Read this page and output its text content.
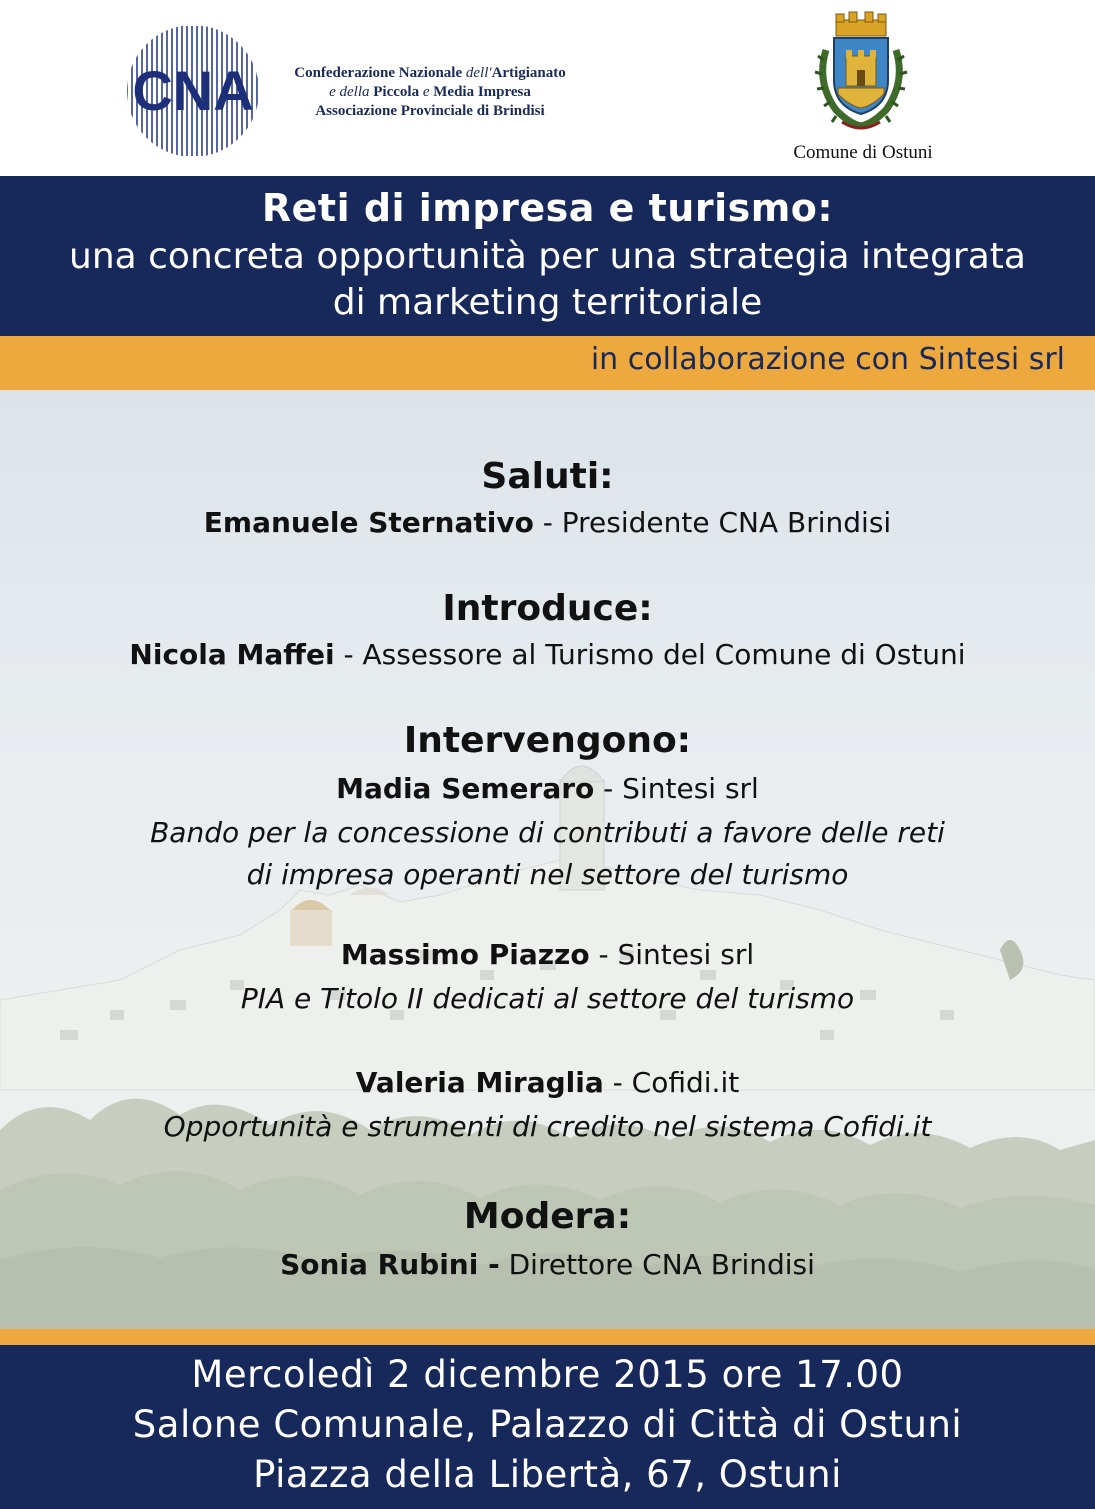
CNA	Confederazione Nazionale dell'Artigianato
e della Piccola e Media Impresa
Associazione Provinciale di Brindisi
Comune di Ostuni
Reti di impresa e turismo:
una concreta opportunità per una strategia integrata
di marketing territoriale
in collaborazione con Sintesi srl
Saluti:
Emanuele Sternativo - Presidente CNA Brindisi
Introduce:
Nicola Maffei - Assessore al Turismo del Comune di Ostuni
Intervengono:
Madia Semeraro - Sintesi srl
Bando per la concessione di contributi a favore delle reti
di impresa operanti nel settore del turismo
Massimo Piazzo - Sintesi srl
PIA e Titolo II dedicati al settore del turismo
Valeria Miraglia - Cofidi.it
Opportunità e strumenti di credito nel sistema Cofidi.it
Modera:
Sonia Rubini - Direttore CNA Brindisi
Mercoledì 2 dicembre 2015 ore 17.00
Salone Comunale, Palazzo di Città di Ostuni
Piazza della Libertà, 67, Ostuni
